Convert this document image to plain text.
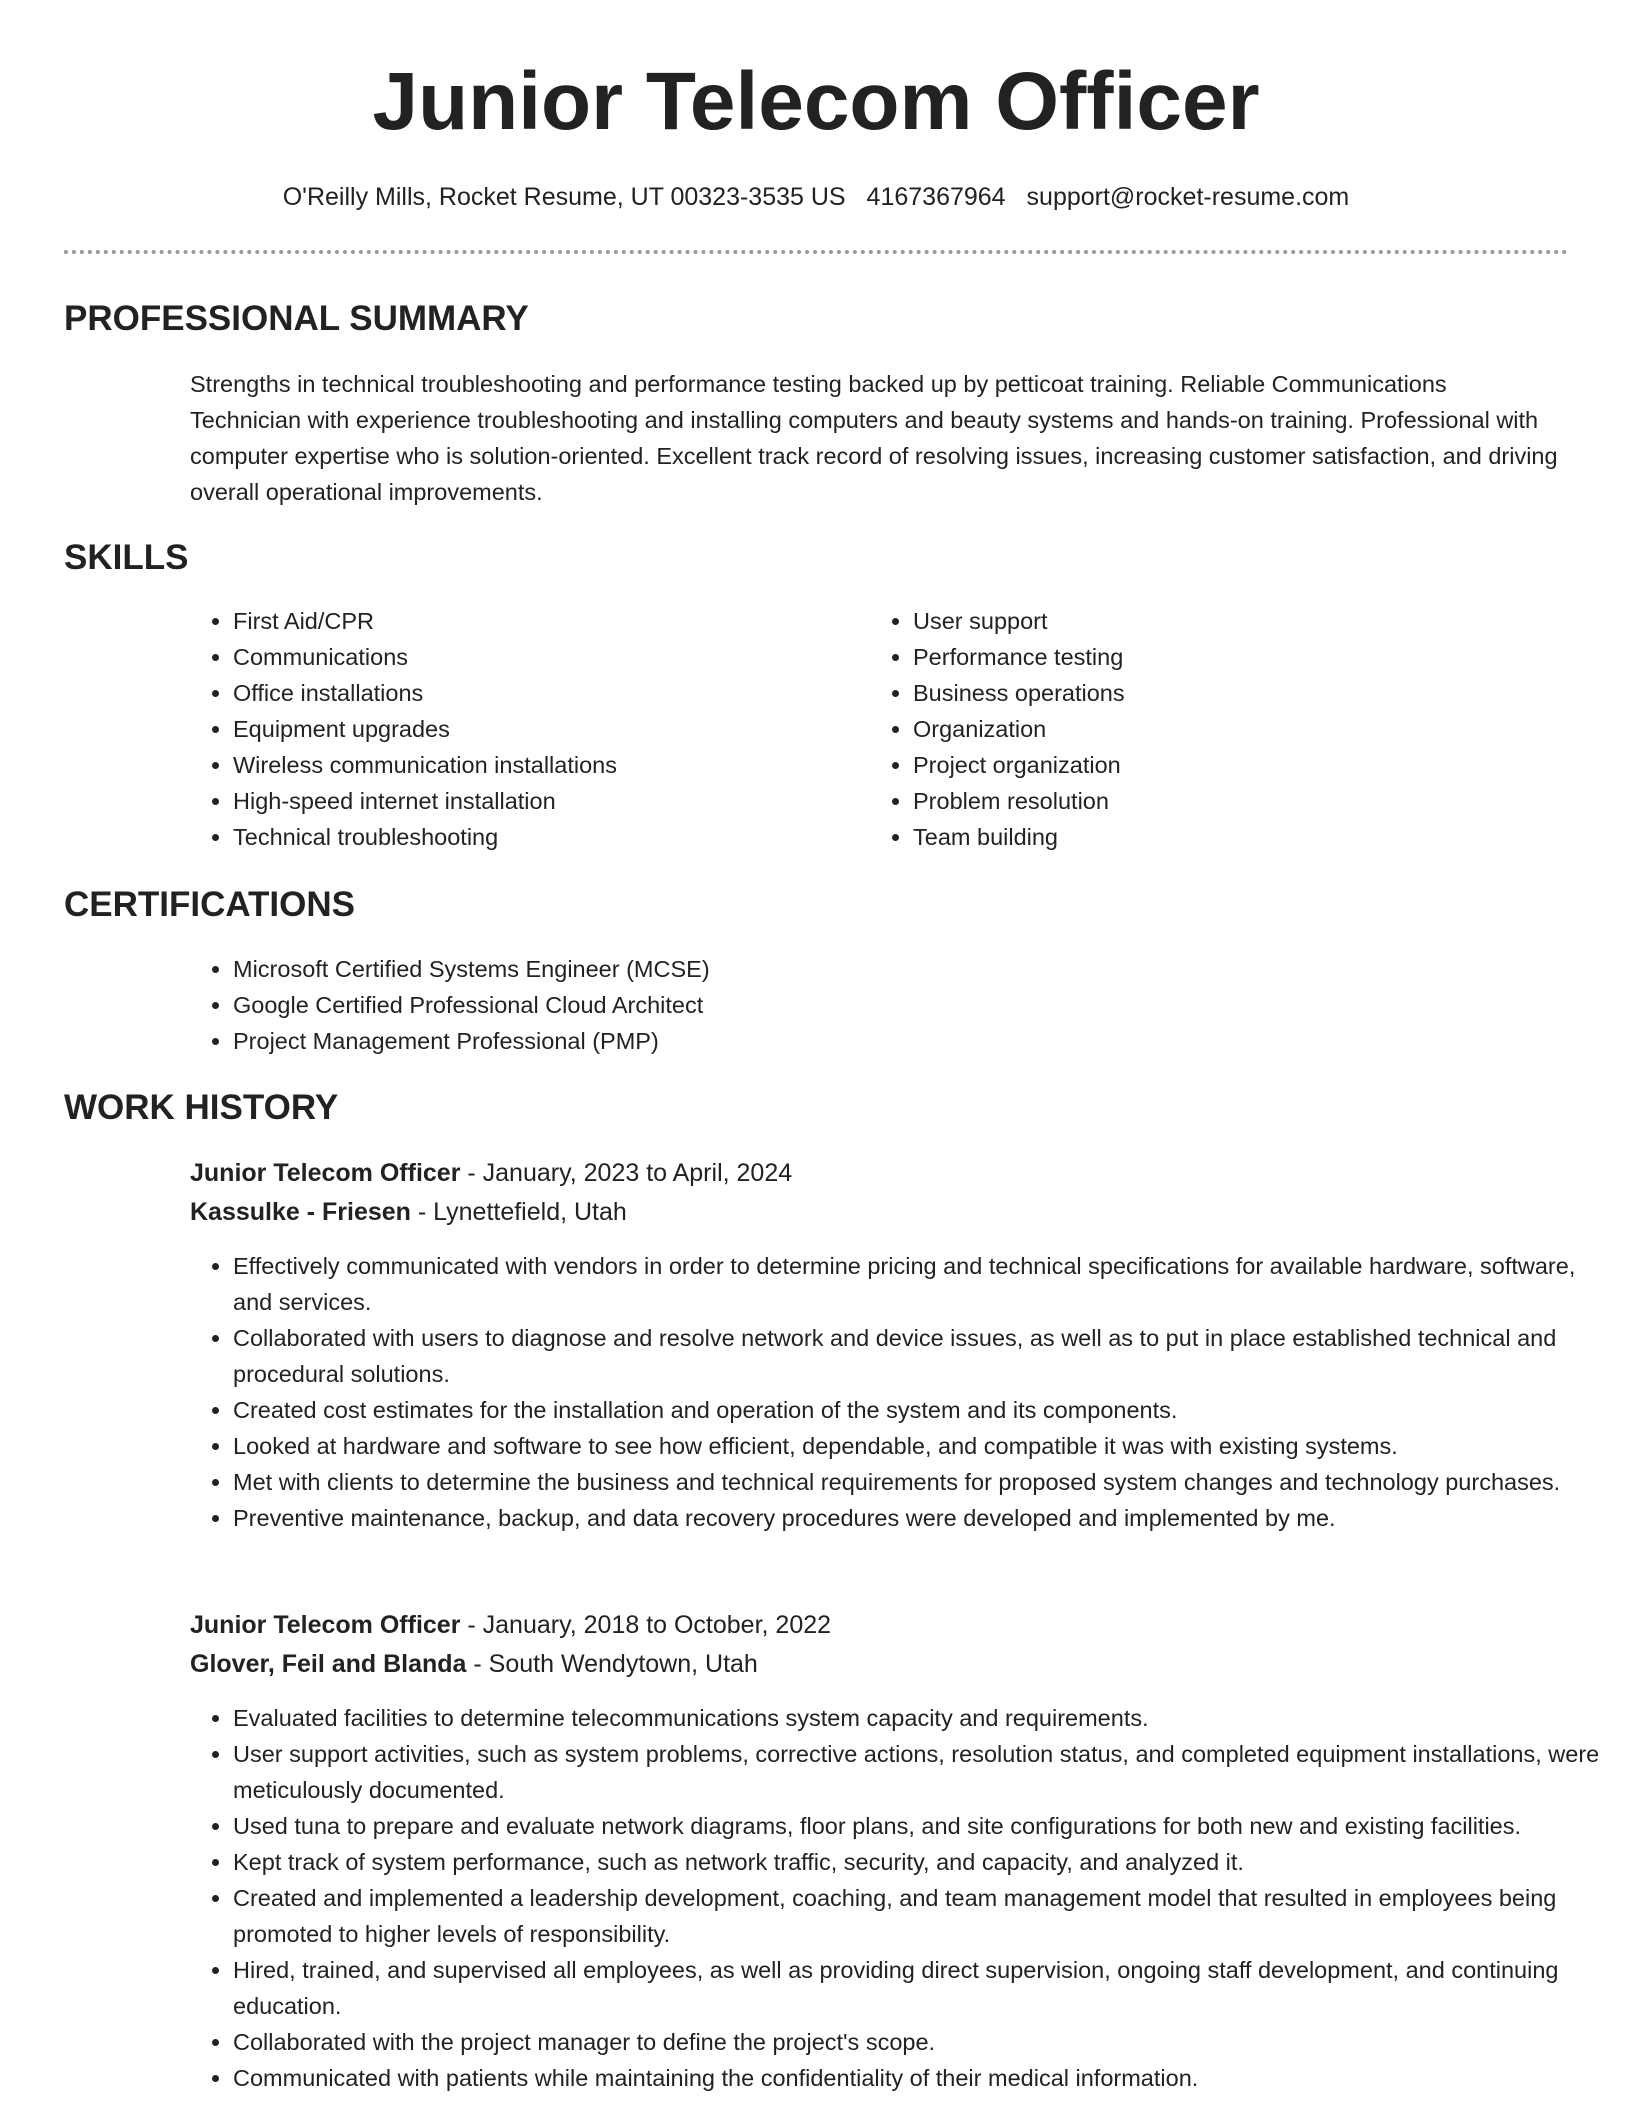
Junior Telecom Officer
O'Reilly Mills, Rocket Resume, UT 00323-3535 US 4167367964 support@rocket-resume.com
PROFESSIONAL SUMMARY

Strengths in technical troubleshooting and performance testing backed up by petticoat training. Reliable Communications Technician with experience troubleshooting and installing computers and beauty systems and hands-on training. Professional with computer expertise who is solution-oriented. Excellent track record of resolving issues, increasing customer satisfaction, and driving overall operational improvements.

SKILLS
• First Aid/CPR
• Communications
• Office installations
• Equipment upgrades
• Wireless communication installations
• High-speed internet installation
• Technical troubleshooting
• User support
• Performance testing
• Business operations
• Organization
• Project organization
• Problem resolution
• Team building
CERTIFICATIONS
• Microsoft Certified Systems Engineer (MCSE)
• Google Certified Professional Cloud Architect
• Project Management Professional (PMP)
WORK HISTORY
Junior Telecom Officer - January, 2023 to April, 2024
Kassulke - Friesen - Lynettefield, Utah
• Effectively communicated with vendors in order to determine pricing and technical specifications for available hardware, software, and services.
• Collaborated with users to diagnose and resolve network and device issues, as well as to put in place established technical and procedural solutions.
• Created cost estimates for the installation and operation of the system and its components.
• Looked at hardware and software to see how efficient, dependable, and compatible it was with existing systems.
• Met with clients to determine the business and technical requirements for proposed system changes and technology purchases.
• Preventive maintenance, backup, and data recovery procedures were developed and implemented by me.
Junior Telecom Officer - January, 2018 to October, 2022
Glover, Feil and Blanda - South Wendytown, Utah
• Evaluated facilities to determine telecommunications system capacity and requirements.
• User support activities, such as system problems, corrective actions, resolution status, and completed equipment installations, were meticulously documented.
• Used tuna to prepare and evaluate network diagrams, floor plans, and site configurations for both new and existing facilities.
• Kept track of system performance, such as network traffic, security, and capacity, and analyzed it.
• Created and implemented a leadership development, coaching, and team management model that resulted in employees being promoted to higher levels of responsibility.
• Hired, trained, and supervised all employees, as well as providing direct supervision, ongoing staff development, and continuing education.
• Collaborated with the project manager to define the project's scope.
• Communicated with patients while maintaining the confidentiality of their medical information.
